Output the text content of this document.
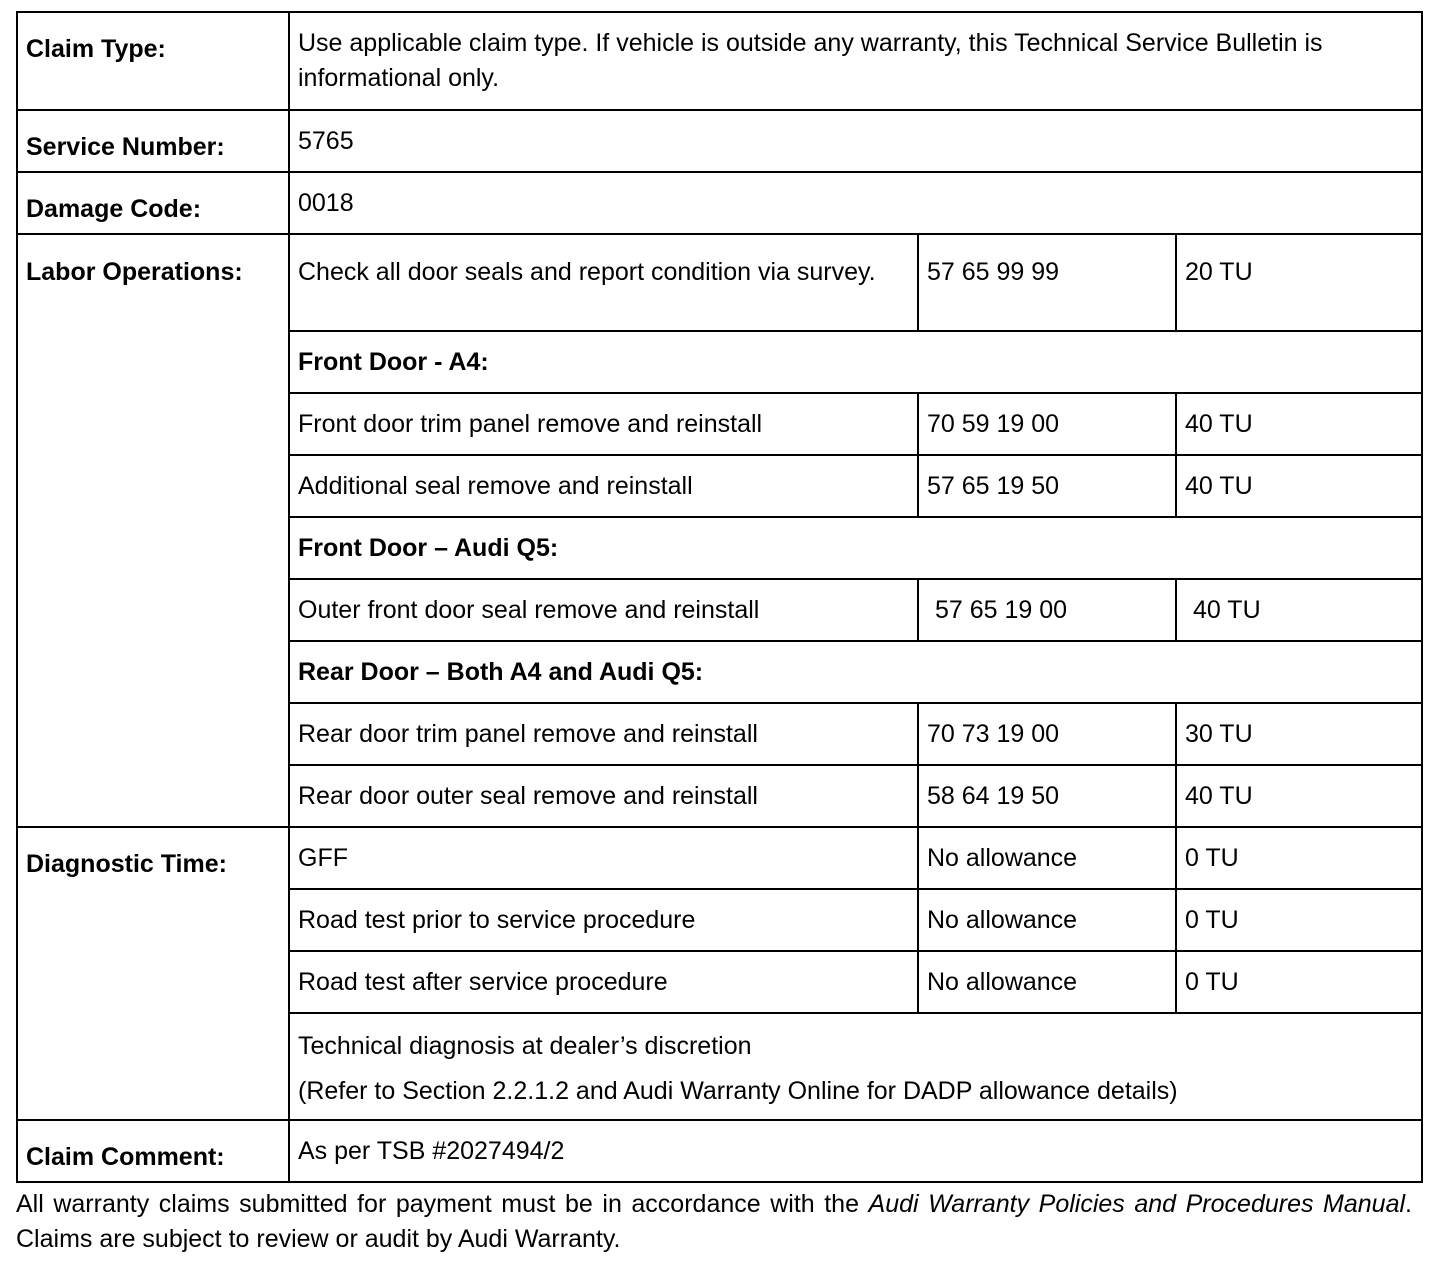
Claim Type:	Use applicable claim type. If vehicle is outside any warranty, this Technical Service Bulletin is informational only.		

Service Number:	5765		

Damage Code:	0018		

Labor Operations:	Check all door seals and report condition via survey.	57 65 99 99	20 TU

	Front Door - A4:		
	Front door trim panel remove and reinstall	70 59 19 00	40 TU
	Additional seal remove and reinstall	57 65 19 50	40 TU
	Front Door – Audi Q5:		
	Outer front door seal remove and reinstall	57 65 19 00	40 TU
	Rear Door – Both A4 and Audi Q5:		
	Rear door trim panel remove and reinstall	70 73 19 00	30 TU
	Rear door outer seal remove and reinstall	58 64 19 50	40 TU

Diagnostic Time:	GFF	No allowance	0 TU
	Road test prior to service procedure	No allowance	0 TU
	Road test after service procedure	No allowance	0 TU

	Technical diagnosis at dealer’s discretion
(Refer to Section 2.2.1.2 and Audi Warranty Online for DADP allowance details)		

Claim Comment:	As per TSB #2027494/2		
All warranty claims submitted for payment must be in accordance with the Audi Warranty Policies and Procedures Manual. Claims are subject to review or audit by Audi Warranty.
